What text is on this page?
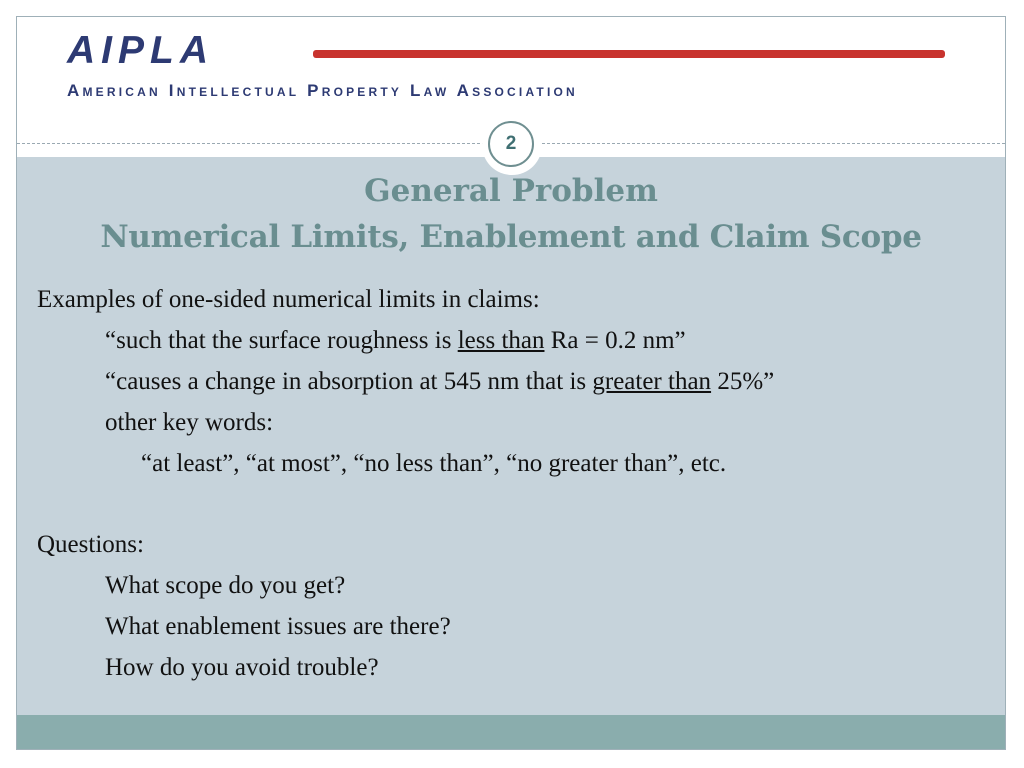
AIPLA
American Intellectual Property Law Association
2
General Problem
Numerical Limits, Enablement and Claim Scope
Examples of one-sided numerical limits in claims:
“such that the surface roughness is less than Ra = 0.2 nm”
“causes a change in absorption at 545 nm that is greater than 25%”
other key words:
“at least”, “at most”, “no less than”, “no greater than”, etc.
Questions:
What scope do you get?
What enablement issues are there?
How do you avoid trouble?
